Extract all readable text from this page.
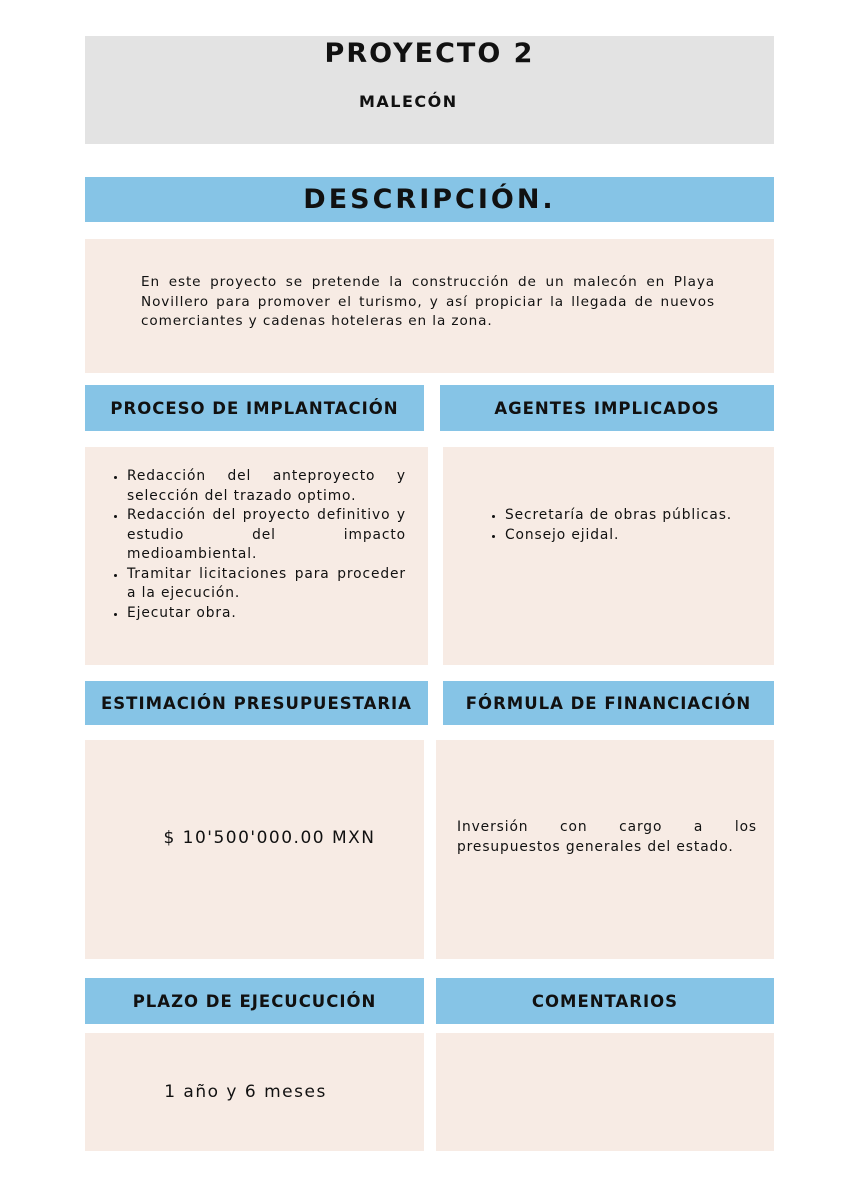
PROYECTO 2
MALECÓN
DESCRIPCIÓN.
En este proyecto se pretende la construcción de un malecón en Playa Novillero para promover el turismo, y así propiciar la llegada de nuevos comerciantes y cadenas hoteleras en la zona.
PROCESO DE IMPLANTACIÓN	AGENTES IMPLICADOS
• Redacción del anteproyecto y selección del trazado optimo.
• Redacción del proyecto definitivo y estudio del impacto medioambiental.
• Tramitar licitaciones para proceder a la ejecución.
• Ejecutar obra.
• Secretaría de obras públicas.
• Consejo ejidal.
ESTIMACIÓN PRESUPUESTARIA	FÓRMULA DE FINANCIACIÓN
$ 10'500'000.00 MXN
Inversión con cargo a los presupuestos generales del estado.
PLAZO DE EJECUCUCIÓN	COMENTARIOS
1 año y 6 meses
